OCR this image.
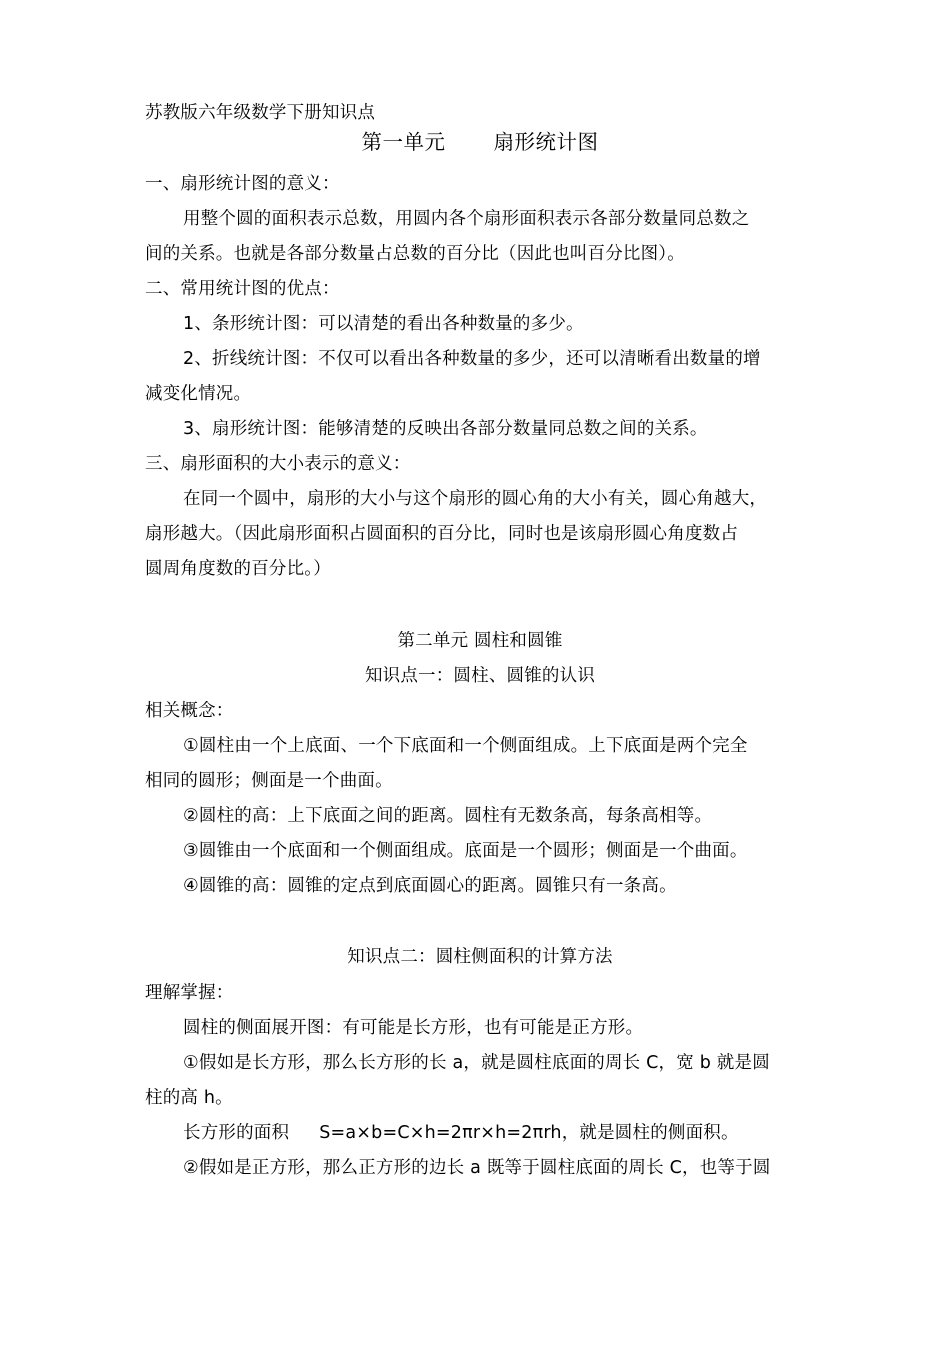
苏教版六年级数学下册知识点
第一单元 扇形统计图
一、扇形统计图的意义：
用整个圆的面积表示总数，用圆内各个扇形面积表示各部分数量同总数之
间的关系。也就是各部分数量占总数的百分比（因此也叫百分比图）。
二、常用统计图的优点：
1、条形统计图：可以清楚的看出各种数量的多少。
2、折线统计图：不仅可以看出各种数量的多少，还可以清晰看出数量的增
减变化情况。
3、扇形统计图：能够清楚的反映出各部分数量同总数之间的关系。
三、扇形面积的大小表示的意义：
在同一个圆中，扇形的大小与这个扇形的圆心角的大小有关，圆心角越大，
扇形越大。（因此扇形面积占圆面积的百分比，同时也是该扇形圆心角度数占
圆周角度数的百分比。）
第二单元 圆柱和圆锥
知识点一：圆柱、圆锥的认识
相关概念：
①圆柱由一个上底面、一个下底面和一个侧面组成。上下底面是两个完全
相同的圆形；侧面是一个曲面。
②圆柱的高：上下底面之间的距离。圆柱有无数条高，每条高相等。
③圆锥由一个底面和一个侧面组成。底面是一个圆形；侧面是一个曲面。
④圆锥的高：圆锥的定点到底面圆心的距离。圆锥只有一条高。
知识点二：圆柱侧面积的计算方法
理解掌握：
圆柱的侧面展开图：有可能是长方形，也有可能是正方形。
①假如是长方形，那么长方形的长 a，就是圆柱底面的周长 C，宽 b 就是圆
柱的高 h。
长方形的面积 S=a×b=C×h=2πr×h=2πrh，就是圆柱的侧面积。
②假如是正方形，那么正方形的边长 a 既等于圆柱底面的周长 C，也等于圆
